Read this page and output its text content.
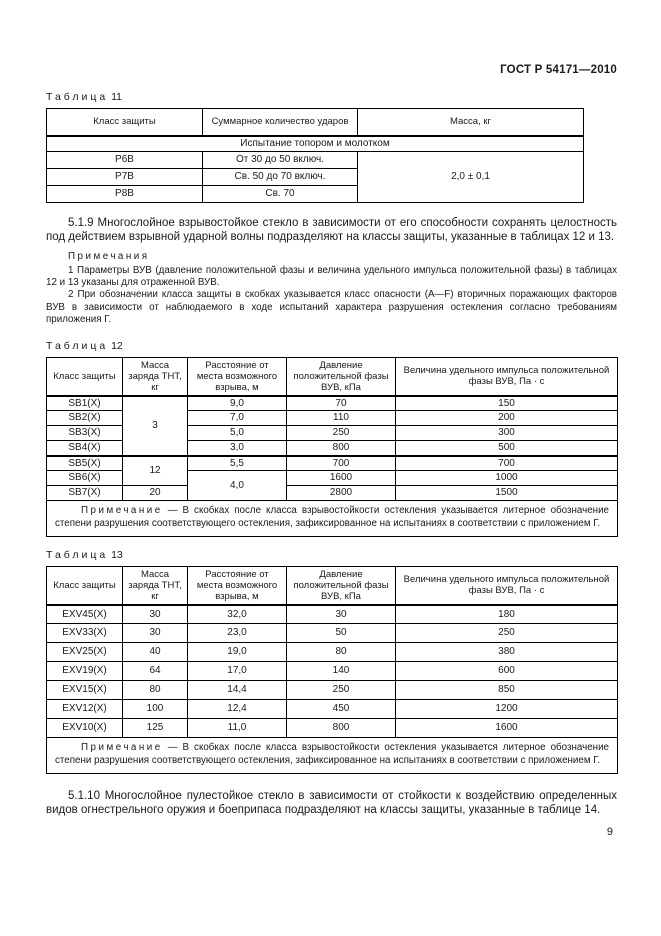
ГОСТ Р 54171—2010
Таблица 11
Класс защиты	Суммарное количество ударов	Масса, кг
Испытание топором и молотком		
Р6В	От 30 до 50 включ.	2,0 ± 0,1
Р7В	Св. 50 до 70 включ.	
Р8В	Св. 70	

5.1.9 Многослойное взрывостойкое стекло в зависимости от его способности сохранять целостность под действием взрывной ударной волны подразделяют на классы защиты, указанные в таблицах 12 и 13.

Примечания

1 Параметры ВУВ (давление положительной фазы и величина удельного импульса положительной фазы) в таблицах 12 и 13 указаны для отраженной ВУВ.

2 При обозначении класса защиты в скобках указывается класс опасности (А—F) вторичных поражающих факторов ВУВ в зависимости от наблюдаемого в ходе испытаний характера разрушения остекления согласно требованиям приложения Г.

Таблица 12
Класс защиты	Масса заряда ТНТ, кг	Расстояние от места возможного взрыва, м	Давление положительной фазы ВУВ, кПа	Величина удельного импульса положительной фазы ВУВ, Па · с
SB1(X)	3	9,0	70	150
SB2(X)		7,0	110	200
SB3(X)		5,0	250	300
SB4(X)		3,0	800	500
SB5(X)	12	5,5	700	700
SB6(X)		4,0	1600	1000
SB7(X)	20		2800	1500

Примечание — В скобках после класса взрывостойкости остекления указывается литерное обозначение степени разрушения соответствующего остекления, зафиксированное на испытаниях в соответствии с приложением Г.				
Таблица 13
Класс защиты	Масса заряда ТНТ, кг	Расстояние от места возможного взрыва, м	Давление положительной фазы ВУВ, кПа	Величина удельного импульса положительной фазы ВУВ, Па · с
EXV45(X)	30	32,0	30	180
EXV33(X)	30	23,0	50	250
EXV25(X)	40	19,0	80	380
EXV19(X)	64	17,0	140	600
EXV15(X)	80	14,4	250	850
EXV12(X)	100	12,4	450	1200
EXV10(X)	125	11,0	800	1600

Примечание — В скобках после класса взрывостойкости остекления указывается литерное обозначение степени разрушения соответствующего остекления, зафиксированное на испытаниях в соответствии с приложением Г.				

5.1.10 Многослойное пулестойкое стекло в зависимости от стойкости к воздействию определенных видов огнестрельного оружия и боеприпаса подразделяют на классы защиты, указанные в таблице 14.

9
